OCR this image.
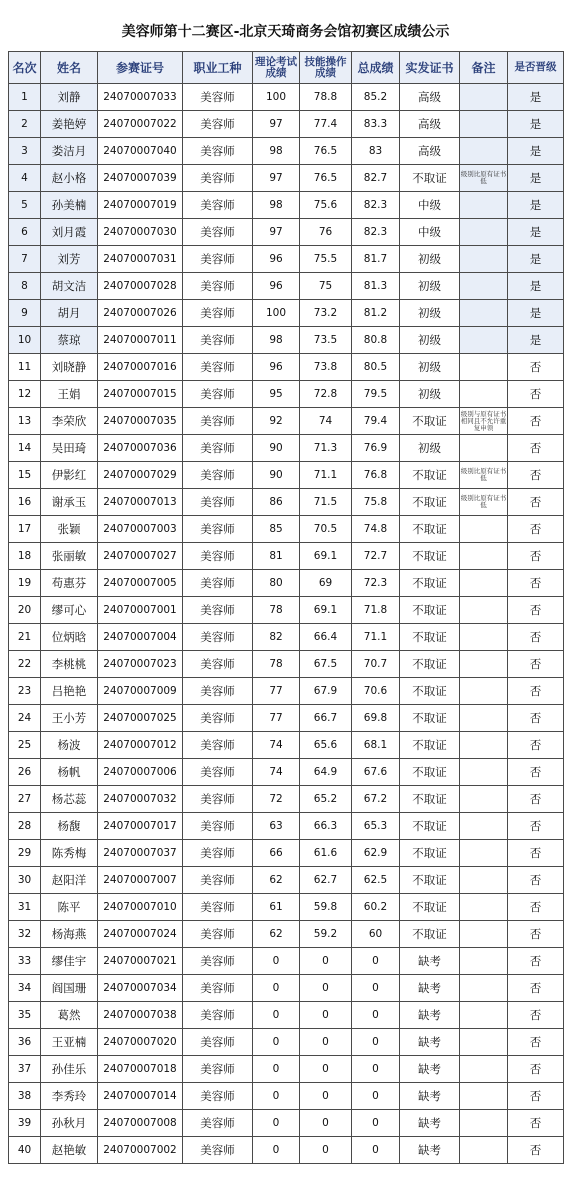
美容师第十二赛区-北京天琦商务会馆初赛区成绩公示
名次	姓名	参赛证号	职业工种	理论考试成绩	技能操作成绩	总成绩	实发证书	备注	是否晋级
1	刘静	24070007033	美容师	100	78.8	85.2	高级		是
2	姜艳婷	24070007022	美容师	97	77.4	83.3	高级		是
3	娄洁月	24070007040	美容师	98	76.5	83	高级		是
4	赵小格	24070007039	美容师	97	76.5	82.7	不取证	级别比原有证书低	是
5	孙美楠	24070007019	美容师	98	75.6	82.3	中级		是
6	刘月霞	24070007030	美容师	97	76	82.3	中级		是
7	刘芳	24070007031	美容师	96	75.5	81.7	初级		是
8	胡文洁	24070007028	美容师	96	75	81.3	初级		是
9	胡月	24070007026	美容师	100	73.2	81.2	初级		是
10	蔡琼	24070007011	美容师	98	73.5	80.8	初级		是
11	刘晓静	24070007016	美容师	96	73.8	80.5	初级		否
12	王娟	24070007015	美容师	95	72.8	79.5	初级		否
13	李荣欣	24070007035	美容师	92	74	79.4	不取证	级别与原有证书相同且不允许重复申领	否
14	吴田琦	24070007036	美容师	90	71.3	76.9	初级		否
15	伊影红	24070007029	美容师	90	71.1	76.8	不取证	级别比原有证书低	否
16	谢承玉	24070007013	美容师	86	71.5	75.8	不取证	级别比原有证书低	否
17	张颖	24070007003	美容师	85	70.5	74.8	不取证		否
18	张丽敏	24070007027	美容师	81	69.1	72.7	不取证		否
19	苟惠芬	24070007005	美容师	80	69	72.3	不取证		否
20	缪可心	24070007001	美容师	78	69.1	71.8	不取证		否
21	位炳晗	24070007004	美容师	82	66.4	71.1	不取证		否
22	李桃桃	24070007023	美容师	78	67.5	70.7	不取证		否
23	吕艳艳	24070007009	美容师	77	67.9	70.6	不取证		否
24	王小芳	24070007025	美容师	77	66.7	69.8	不取证		否
25	杨波	24070007012	美容师	74	65.6	68.1	不取证		否
26	杨帆	24070007006	美容师	74	64.9	67.6	不取证		否
27	杨芯蕊	24070007032	美容师	72	65.2	67.2	不取证		否
28	杨馥	24070007017	美容师	63	66.3	65.3	不取证		否
29	陈秀梅	24070007037	美容师	66	61.6	62.9	不取证		否
30	赵阳洋	24070007007	美容师	62	62.7	62.5	不取证		否
31	陈平	24070007010	美容师	61	59.8	60.2	不取证		否
32	杨海燕	24070007024	美容师	62	59.2	60	不取证		否
33	缪佳宇	24070007021	美容师	0	0	0	缺考		否
34	阎国珊	24070007034	美容师	0	0	0	缺考		否
35	葛然	24070007038	美容师	0	0	0	缺考		否
36	王亚楠	24070007020	美容师	0	0	0	缺考		否
37	孙佳乐	24070007018	美容师	0	0	0	缺考		否
38	李秀玲	24070007014	美容师	0	0	0	缺考		否
39	孙秋月	24070007008	美容师	0	0	0	缺考		否
40	赵艳敏	24070007002	美容师	0	0	0	缺考		否
